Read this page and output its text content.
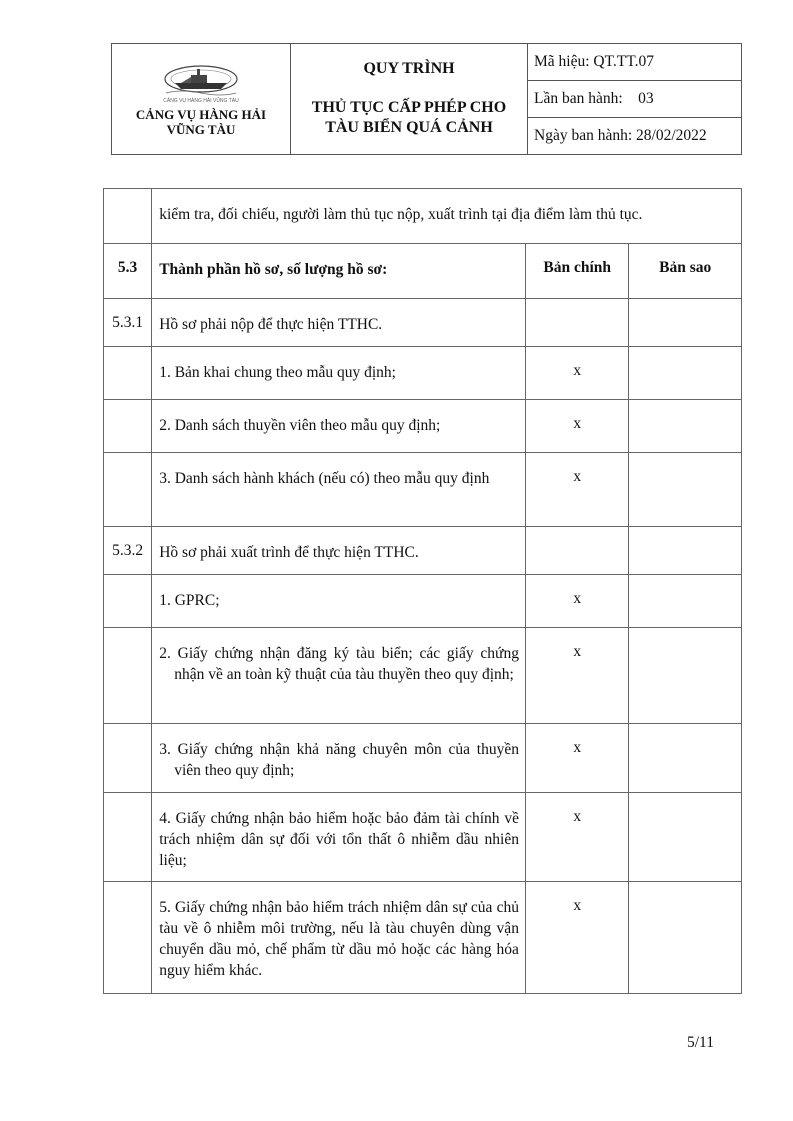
CẢNG VỤ HÀNG HẢI VŨNG TÀU
CẢNG VỤ HÀNG HẢI
VŨNG TÀU

QUY TRÌNH
THỦ TỤC CẤP PHÉP CHO
TÀU BIỂN QUÁ CẢNH
	Mã hiệu: QT.TT.07
Lần ban hành: 03
Ngày ban hành: 28/02/2022
	kiểm tra, đối chiếu, người làm thủ tục nộp, xuất trình tại địa điểm làm thủ tục.		
5.3	Thành phần hồ sơ, số lượng hồ sơ:	Bản chính	Bản sao
5.3.1	Hồ sơ phải nộp để thực hiện TTHC.		
	1. Bản khai chung theo mẫu quy định;	x	
	2. Danh sách thuyền viên theo mẫu quy định;	x	
	3. Danh sách hành khách (nếu có) theo mẫu quy định	x	
5.3.2	Hồ sơ phải xuất trình để thực hiện TTHC.		
	1. GPRC;	x	
	2. Giấy chứng nhận đăng ký tàu biển; các giấy chứng nhận về an toàn kỹ thuật của tàu thuyền theo quy định;	x	
	3. Giấy chứng nhận khả năng chuyên môn của thuyền viên theo quy định;	x	
	4. Giấy chứng nhận bảo hiểm hoặc bảo đảm tài chính về trách nhiệm dân sự đối với tổn thất ô nhiễm dầu nhiên liệu;	x	
	5. Giấy chứng nhận bảo hiểm trách nhiệm dân sự của chủ tàu về ô nhiễm môi trường, nếu là tàu chuyên dùng vận chuyển dầu mỏ, chế phẩm từ dầu mỏ hoặc các hàng hóa nguy hiểm khác.	x	
5/11
